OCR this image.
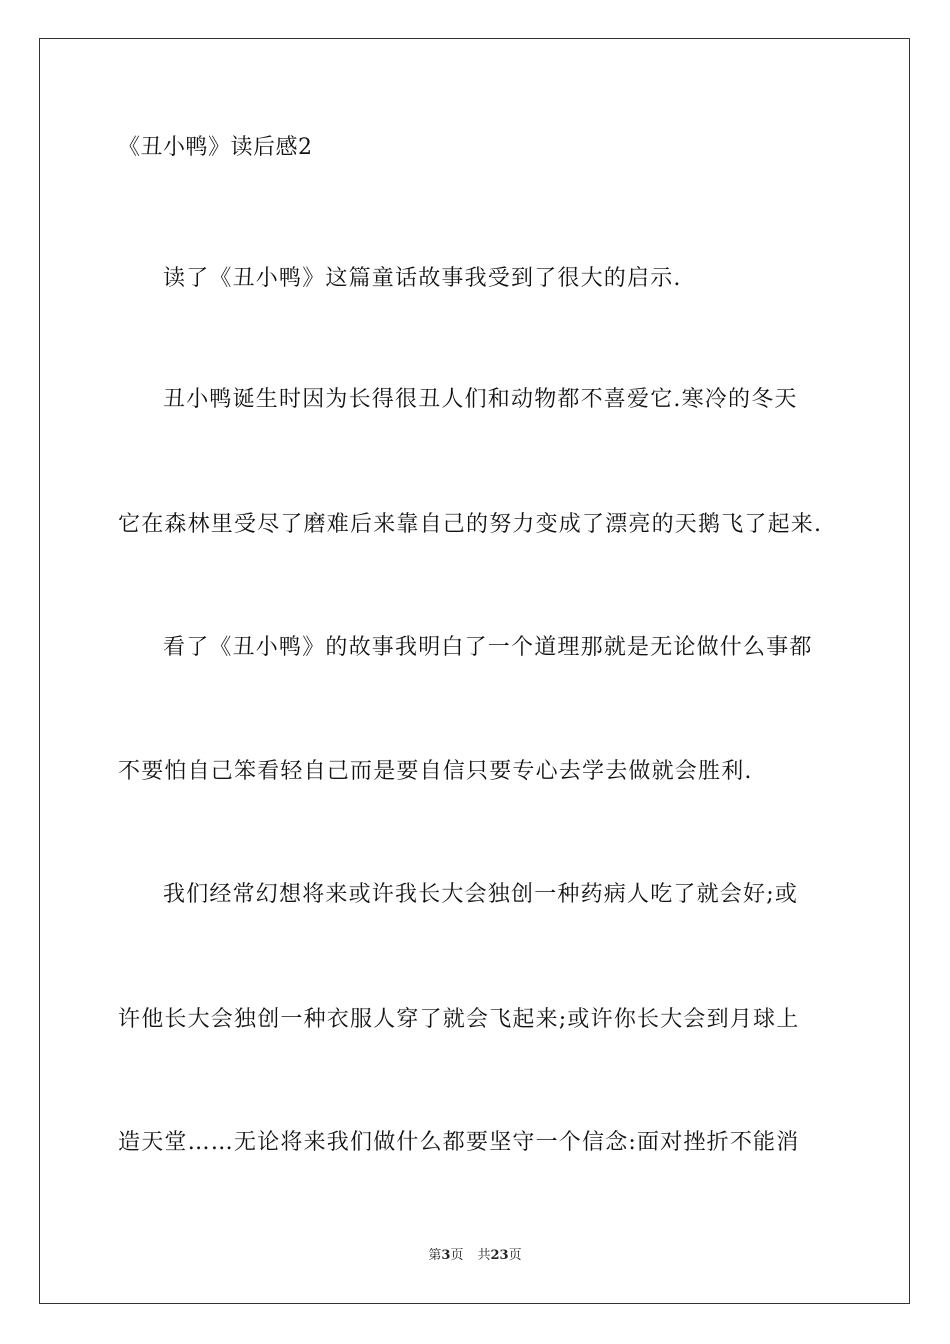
《丑小鸭》读后感2
读了《丑小鸭》这篇童话故事我受到了很大的启示.
丑小鸭诞生时因为长得很丑人们和动物都不喜爱它.寒冷的冬天
它在森林里受尽了磨难后来靠自己的努力变成了漂亮的天鹅飞了起来.
看了《丑小鸭》的故事我明白了一个道理那就是无论做什么事都
不要怕自己笨看轻自己而是要自信只要专心去学去做就会胜利.
我们经常幻想将来或许我长大会独创一种药病人吃了就会好;或
许他长大会独创一种衣服人穿了就会飞起来;或许你长大会到月球上
造天堂……无论将来我们做什么都要坚守一个信念:面对挫折不能消
第3页 共23页
